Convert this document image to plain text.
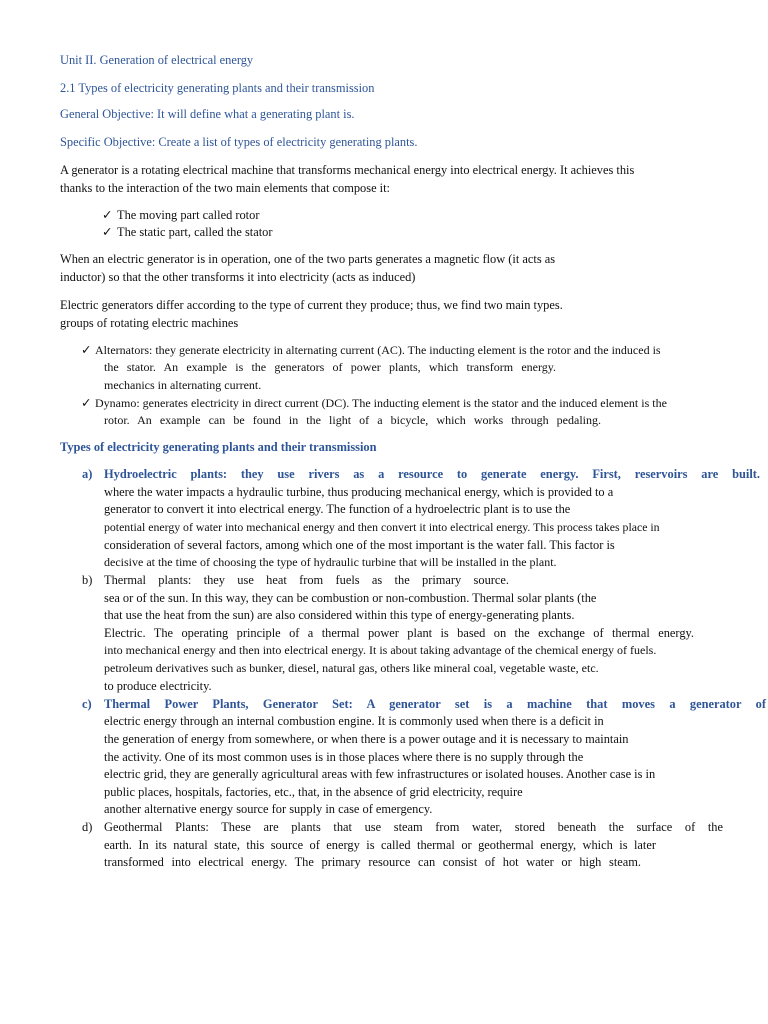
Unit II. Generation of electrical energy
2.1 Types of electricity generating plants and their transmission
General Objective: It will define what a generating plant is.
Specific Objective: Create a list of types of electricity generating plants.
A generator is a rotating electrical machine that transforms mechanical energy into electrical energy. It achieves this
thanks to the interaction of the two main elements that compose it:
✓ The moving part called rotor
✓ The static part, called the stator
When an electric generator is in operation, one of the two parts generates a magnetic flow (it acts as
inductor) so that the other transforms it into electricity (acts as induced)
Electric generators differ according to the type of current they produce; thus, we find two main types.
groups of rotating electric machines
✓ Alternators: they generate electricity in alternating current (AC). The inducting element is the rotor and the induced is
the stator. An example is the generators of power plants, which transform energy.
mechanics in alternating current.
✓ Dynamo: generates electricity in direct current (DC). The inducting element is the stator and the induced element is the
rotor. An example can be found in the light of a bicycle, which works through pedaling.
Types of electricity generating plants and their transmission
a) Hydroelectric plants: they use rivers as a resource to generate energy. First, reservoirs are built.
where the water impacts a hydraulic turbine, thus producing mechanical energy, which is provided to a
generator to convert it into electrical energy. The function of a hydroelectric plant is to use the
potential energy of water into mechanical energy and then convert it into electrical energy. This process takes place in
consideration of several factors, among which one of the most important is the water fall. This factor is
decisive at the time of choosing the type of hydraulic turbine that will be installed in the plant.
b) Thermal plants: they use heat from fuels as the primary source.
sea or of the sun. In this way, they can be combustion or non-combustion. Thermal solar plants (the
that use the heat from the sun) are also considered within this type of energy-generating plants.
Electric. The operating principle of a thermal power plant is based on the exchange of thermal energy.
into mechanical energy and then into electrical energy. It is about taking advantage of the chemical energy of fuels.
petroleum derivatives such as bunker, diesel, natural gas, others like mineral coal, vegetable waste, etc.
to produce electricity.
c) Thermal Power Plants, Generator Set: A generator set is a machine that moves a generator of
electric energy through an internal combustion engine. It is commonly used when there is a deficit in
the generation of energy from somewhere, or when there is a power outage and it is necessary to maintain
the activity. One of its most common uses is in those places where there is no supply through the
electric grid, they are generally agricultural areas with few infrastructures or isolated houses. Another case is in
public places, hospitals, factories, etc., that, in the absence of grid electricity, require
another alternative energy source for supply in case of emergency.
d) Geothermal Plants: These are plants that use steam from water, stored beneath the surface of the
earth. In its natural state, this source of energy is called thermal or geothermal energy, which is later
transformed into electrical energy. The primary resource can consist of hot water or high steam.
